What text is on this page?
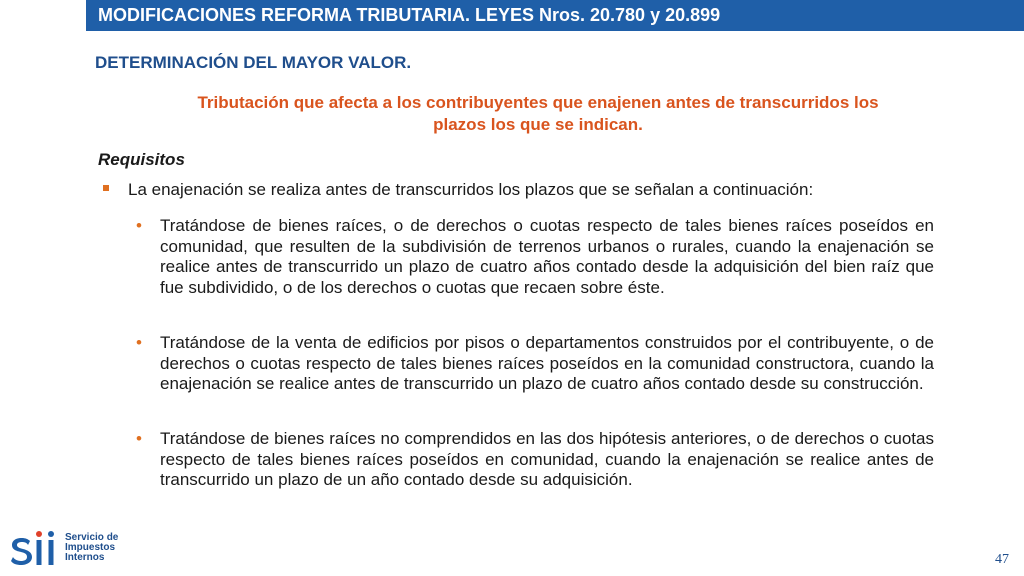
MODIFICACIONES REFORMA TRIBUTARIA. LEYES Nros. 20.780 y 20.899
DETERMINACIÓN DEL MAYOR VALOR.
Tributación que afecta a los contribuyentes que enajenen antes de transcurridos los plazos los que se indican.
Requisitos
La enajenación se realiza antes de transcurridos los plazos que se señalan a continuación:
• Tratándose de bienes raíces, o de derechos o cuotas respecto de tales bienes raíces poseídos en comunidad, que resulten de la subdivisión de terrenos urbanos o rurales, cuando la enajenación se realice antes de transcurrido un plazo de cuatro años contado desde la adquisición del bien raíz que fue subdividido, o de los derechos o cuotas que recaen sobre éste.
• Tratándose de la venta de edificios por pisos o departamentos construidos por el contribuyente, o de derechos o cuotas respecto de tales bienes raíces poseídos en la comunidad constructora, cuando la enajenación se realice antes de transcurrido un plazo de cuatro años contado desde su construcción.
• Tratándose de bienes raíces no comprendidos en las dos hipótesis anteriores, o de derechos o cuotas respecto de tales bienes raíces poseídos en comunidad, cuando la enajenación se realice antes de transcurrido un plazo de un año contado desde su adquisición.
Servicio de
Impuestos
Internos	47
